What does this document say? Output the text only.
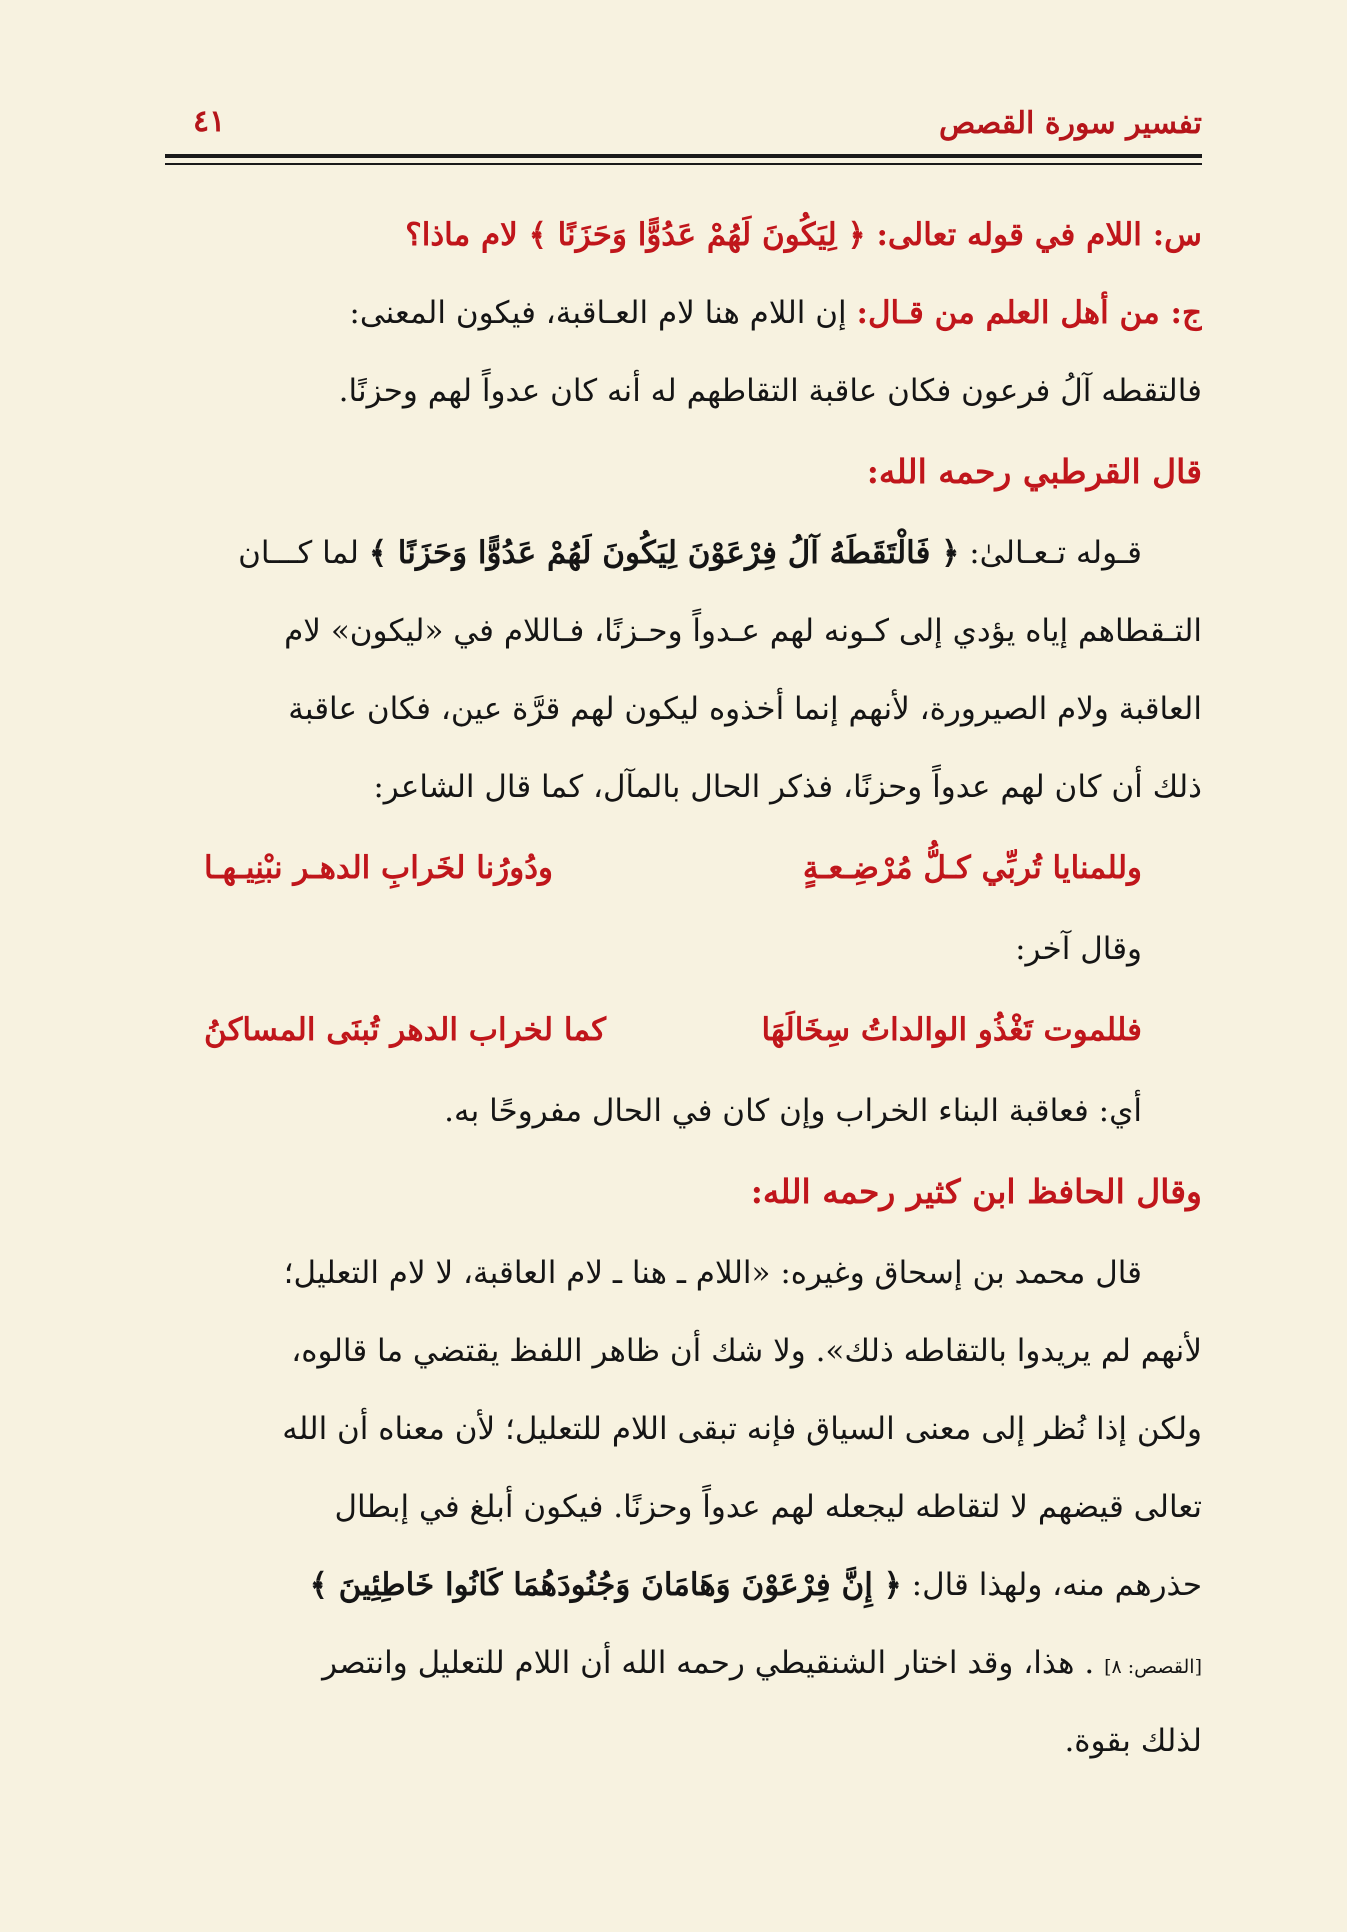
تفسير سورة القصص
٤١
س: اللام في قوله تعالى: ﴿ لِيَكُونَ لَهُمْ عَدُوًّا وَحَزَنًا ﴾ لام ماذا؟
ج: من أهل العلم من قـال: إن اللام هنا لام العـاقبة، فيكون المعنى:
فالتقطه آلُ فرعون فكان عاقبة التقاطهم له أنه كان عدواً لهم وحزنًا.
قال القرطبي رحمه الله:
قـوله تـعـالىٰ: ﴿ فَالْتَقَطَهُ آلُ فِرْعَوْنَ لِيَكُونَ لَهُمْ عَدُوًّا وَحَزَنًا ﴾ لما كـــان
التـقطاهم إياه يؤدي إلى كـونه لهم عـدواً وحـزنًا، فـاللام في «ليكون» لام
العاقبة ولام الصيرورة، لأنهم إنما أخذوه ليكون لهم قرَّة عين، فكان عاقبة
ذلك أن كان لهم عدواً وحزنًا، فذكر الحال بالمآل، كما قال الشاعر:
وللمنايا تُربِّي كـلُّ مُرْضِـعـةٍ
ودُورُنا لخَرابِ الدهـر نبْنِيـهـا
وقال آخر:
فللموت تَغْذُو الوالداتُ سِخَالَهَا
كما لخراب الدهر تُبنَى المساكنُ
أي: فعاقبة البناء الخراب وإن كان في الحال مفروحًا به.
وقال الحافظ ابن كثير رحمه الله:
قال محمد بن إسحاق وغيره: «اللام ـ هنا ـ لام العاقبة، لا لام التعليل؛
لأنهم لم يريدوا بالتقاطه ذلك». ولا شك أن ظاهر اللفظ يقتضي ما قالوه،
ولكن إذا نُظر إلى معنى السياق فإنه تبقى اللام للتعليل؛ لأن معناه أن الله
تعالى قيضهم لا لتقاطه ليجعله لهم عدواً وحزنًا. فيكون أبلغ في إبطال
حذرهم منه، ولهذا قال: ﴿ إِنَّ فِرْعَوْنَ وَهَامَانَ وَجُنُودَهُمَا كَانُوا خَاطِئِينَ ﴾
[القصص: ٨] . هذا، وقد اختار الشنقيطي رحمه الله أن اللام للتعليل وانتصر
لذلك بقوة.
